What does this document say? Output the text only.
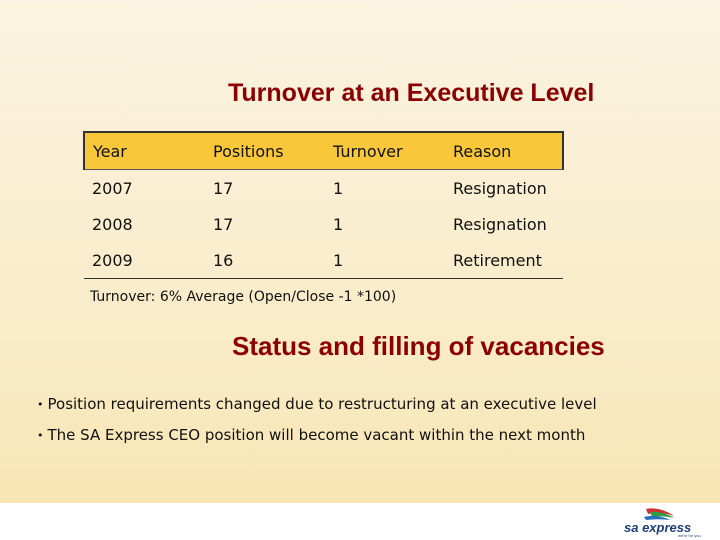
Turnover at an Executive Level
Year	Positions	Turnover	Reason
2007	17	1	Resignation
2008	17	1	Resignation
2009	16	1	Retirement
Turnover: 6% Average (Open/Close -1 *100)
Status and filling of vacancies
• Position requirements changed due to restructuring at an executive level
• The SA Express CEO position will become vacant within the next month
sa express
we're for you
